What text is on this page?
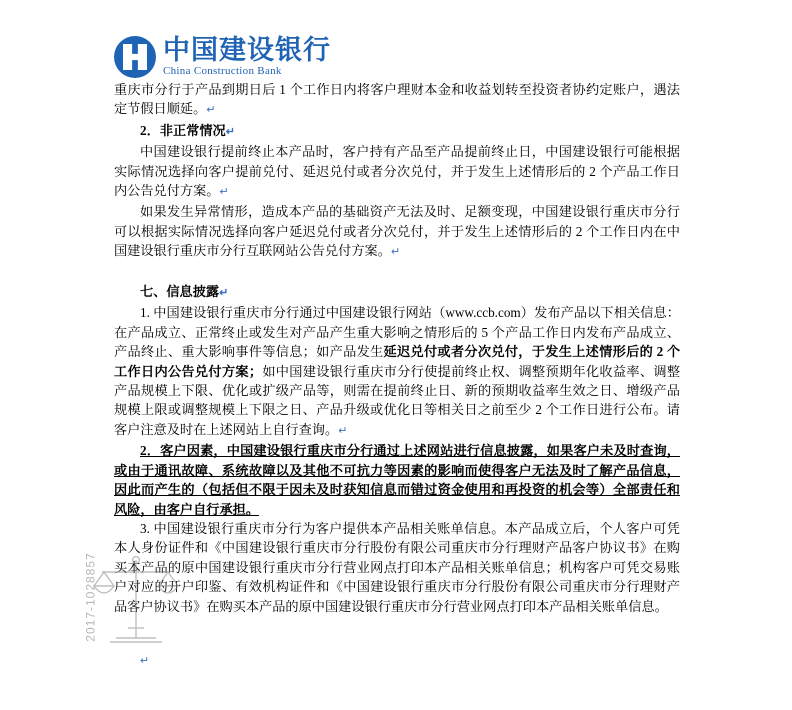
中国建设银行
China Construction Bank

重庆市分行于产品到期日后 1 个工作日内将客户理财本金和收益划转至投资者协约定账户，遇法定节假日顺延。↵

2．非正常情况↵

中国建设银行提前终止本产品时，客户持有产品至产品提前终止日，中国建设银行可能根据实际情况选择向客户提前兑付、延迟兑付或者分次兑付，并于发生上述情形后的 2 个产品工作日内公告兑付方案。↵

如果发生异常情形，造成本产品的基础资产无法及时、足额变现，中国建设银行重庆市分行可以根据实际情况选择向客户延迟兑付或者分次兑付，并于发生上述情形后的 2 个工作日内在中国建设银行重庆市分行互联网站公告兑付方案。↵

七、信息披露↵

1. 中国建设银行重庆市分行通过中国建设银行网站（www.ccb.com）发布产品以下相关信息：在产品成立、正常终止或发生对产品产生重大影响之情形后的 5 个产品工作日内发布产品成立、产品终止、重大影响事件等信息；如产品发生延迟兑付或者分次兑付，于发生上述情形后的 2 个工作日内公告兑付方案；如中国建设银行重庆市分行使提前终止权、调整预期年化收益率、调整产品规模上下限、优化或扩级产品等，则需在提前终止日、新的预期收益率生效之日、增级产品规模上限或调整规模上下限之日、产品升级或优化日等相关日之前至少 2 个工作日进行公布。请客户注意及时在上述网站上自行查询。↵

2．客户因素，中国建设银行重庆市分行通过上述网站进行信息披露，如果客户未及时查询，或由于通讯故障、系统故障以及其他不可抗力等因素的影响而使得客户无法及时了解产品信息，因此而产生的（包括但不限于因未及时获知信息而错过资金使用和再投资的机会等）全部责任和风险，由客户自行承担。

3. 中国建设银行重庆市分行为客户提供本产品相关账单信息。本产品成立后，个人客户可凭本人身份证件和《中国建设银行重庆市分行股份有限公司重庆市分行理财产品客户协议书》在购买本产品的原中国建设银行重庆市分行营业网点打印本产品相关账单信息；机构客户可凭交易账户对应的开户印鉴、有效机构证件和《中国建设银行重庆市分行股份有限公司重庆市分行理财产品客户协议书》在购买本产品的原中国建设银行重庆市分行营业网点打印本产品相关账单信息。

↵

2017-1028857
